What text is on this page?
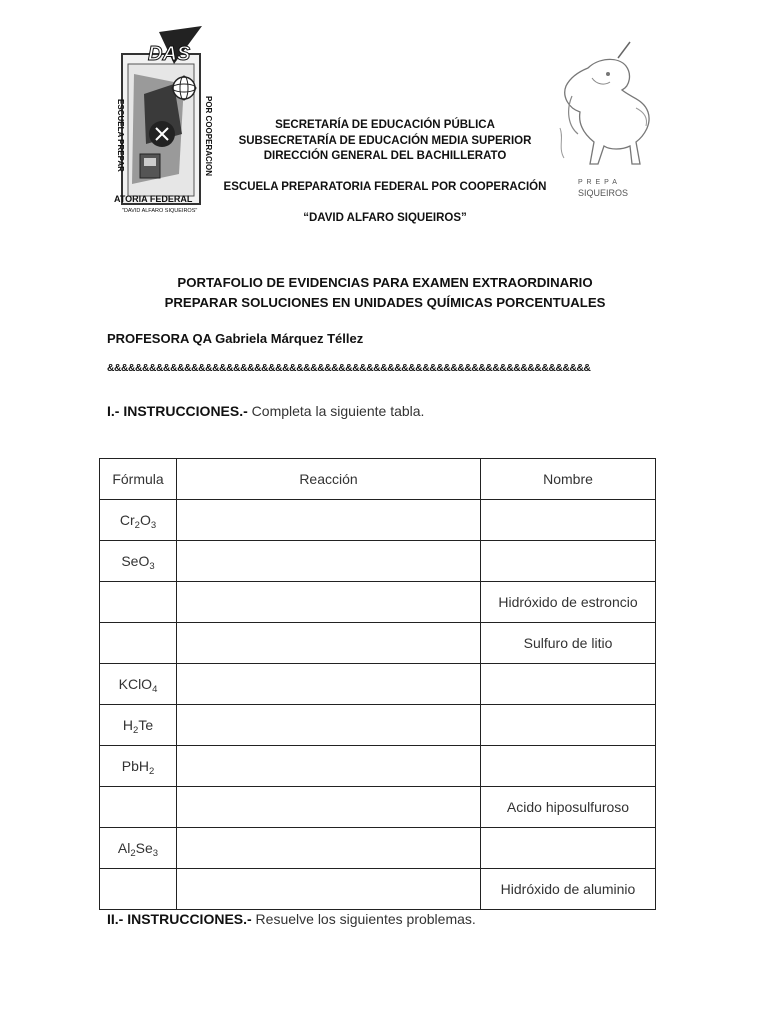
DAS
ESCUELA PREPAR	POR COOPERACION
ATORIA FEDERAL
"DAVID ALFARO SIQUEIROS"
P R E P A
SIQUEIROS
SECRETARÍA DE EDUCACIÓN PÚBLICA
SUBSECRETARÍA DE EDUCACIÓN MEDIA SUPERIOR
DIRECCIÓN GENERAL DEL BACHILLERATO
ESCUELA PREPARATORIA FEDERAL POR COOPERACIÓN
“DAVID ALFARO SIQUEIROS”
PORTAFOLIO DE EVIDENCIAS PARA EXAMEN EXTRAORDINARIO
PREPARAR SOLUCIONES EN UNIDADES QUÍMICAS PORCENTUALES
PROFESORA QA Gabriela Márquez Téllez
&&&&&&&&&&&&&&&&&&&&&&&&&&&&&&&&&&&&&&&&&&&&&&&&&&&&&&&&&&&&&&&&&&&&&
I.- INSTRUCCIONES.- Completa la siguiente tabla.
Fórmula	Reacción	Nombre
$Cr_2O_3$		
SeO$_3$		
		Hidróxido de estroncio
		Sulfuro de litio
KClO$_4$		
$H_2Te$		
PbH$_2$		
		Acido hiposulfuroso
$Al_2Se_3$		
		Hidróxido de aluminio
II.- INSTRUCCIONES.- Resuelve los siguientes problemas.
